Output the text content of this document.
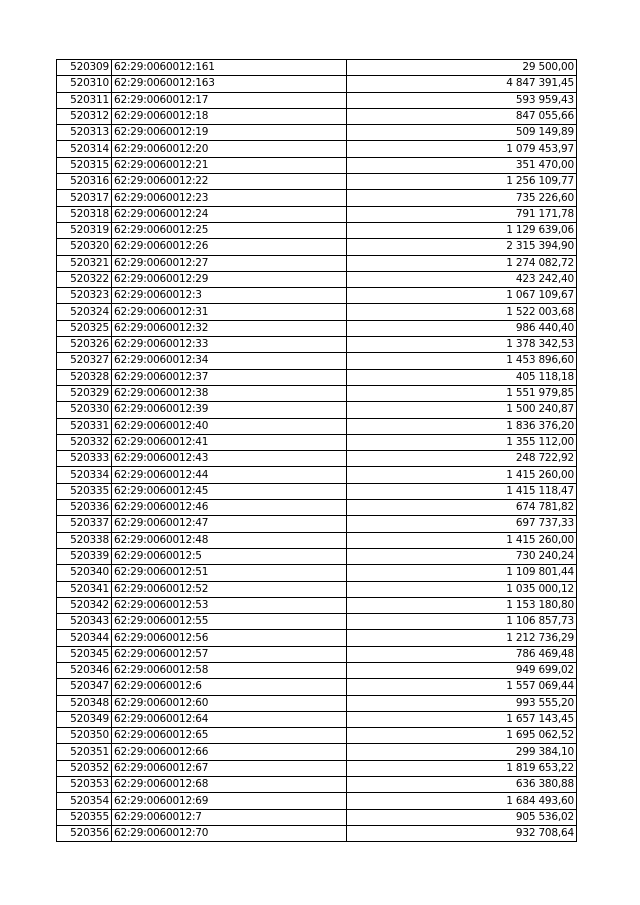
520309	62:29:0060012:161	29 500,00
520310	62:29:0060012:163	4 847 391,45
520311	62:29:0060012:17	593 959,43
520312	62:29:0060012:18	847 055,66
520313	62:29:0060012:19	509 149,89
520314	62:29:0060012:20	1 079 453,97
520315	62:29:0060012:21	351 470,00
520316	62:29:0060012:22	1 256 109,77
520317	62:29:0060012:23	735 226,60
520318	62:29:0060012:24	791 171,78
520319	62:29:0060012:25	1 129 639,06
520320	62:29:0060012:26	2 315 394,90
520321	62:29:0060012:27	1 274 082,72
520322	62:29:0060012:29	423 242,40
520323	62:29:0060012:3	1 067 109,67
520324	62:29:0060012:31	1 522 003,68
520325	62:29:0060012:32	986 440,40
520326	62:29:0060012:33	1 378 342,53
520327	62:29:0060012:34	1 453 896,60
520328	62:29:0060012:37	405 118,18
520329	62:29:0060012:38	1 551 979,85
520330	62:29:0060012:39	1 500 240,87
520331	62:29:0060012:40	1 836 376,20
520332	62:29:0060012:41	1 355 112,00
520333	62:29:0060012:43	248 722,92
520334	62:29:0060012:44	1 415 260,00
520335	62:29:0060012:45	1 415 118,47
520336	62:29:0060012:46	674 781,82
520337	62:29:0060012:47	697 737,33
520338	62:29:0060012:48	1 415 260,00
520339	62:29:0060012:5	730 240,24
520340	62:29:0060012:51	1 109 801,44
520341	62:29:0060012:52	1 035 000,12
520342	62:29:0060012:53	1 153 180,80
520343	62:29:0060012:55	1 106 857,73
520344	62:29:0060012:56	1 212 736,29
520345	62:29:0060012:57	786 469,48
520346	62:29:0060012:58	949 699,02
520347	62:29:0060012:6	1 557 069,44
520348	62:29:0060012:60	993 555,20
520349	62:29:0060012:64	1 657 143,45
520350	62:29:0060012:65	1 695 062,52
520351	62:29:0060012:66	299 384,10
520352	62:29:0060012:67	1 819 653,22
520353	62:29:0060012:68	636 380,88
520354	62:29:0060012:69	1 684 493,60
520355	62:29:0060012:7	905 536,02
520356	62:29:0060012:70	932 708,64
